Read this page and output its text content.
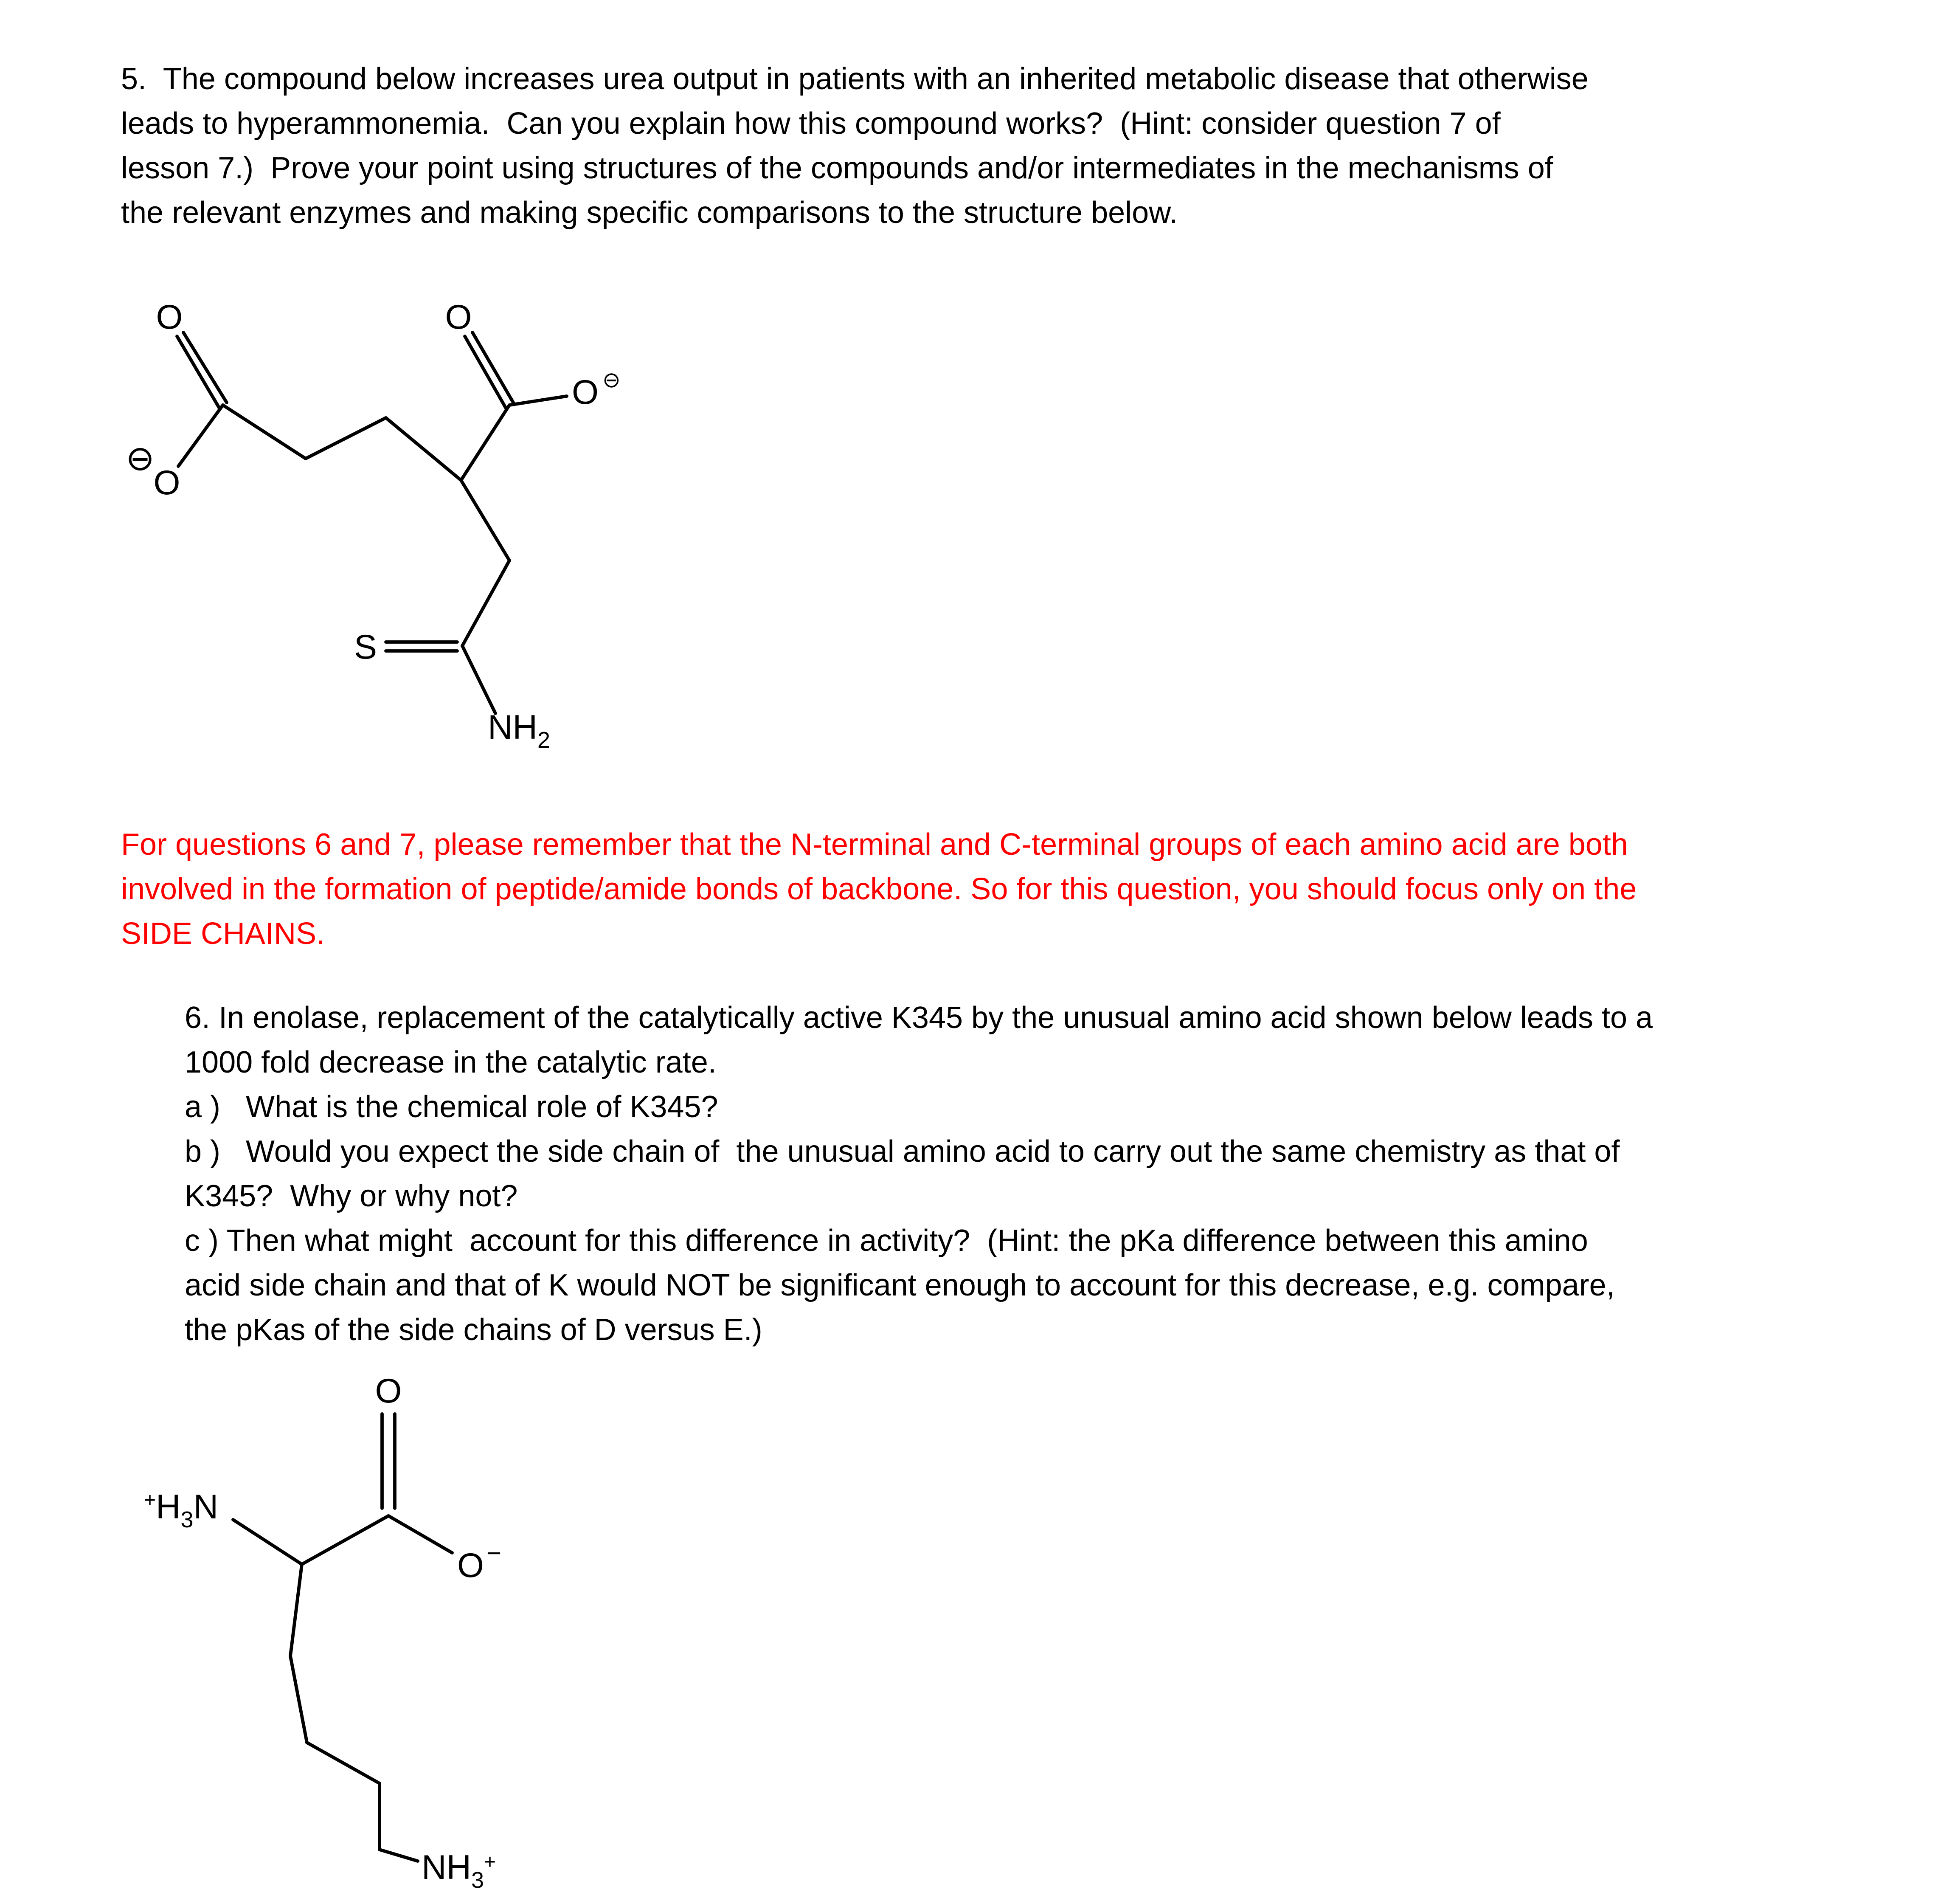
5.  The compound below increases urea output in patients with an inherited metabolic disease that otherwise
leads to hyperammonemia.  Can you explain how this compound works?  (Hint: consider question 7 of
lesson 7.)  Prove your point using structures of the compounds and/or intermediates in the mechanisms of
the relevant enzymes and making specific comparisons to the structure below.
O
⊖
O
O
O ⊖
S
$NH_2$
For questions 6 and 7, please remember that the N-terminal and C-terminal groups of each amino acid are both
involved in the formation of peptide/amide bonds of backbone. So for this question, you should focus only on the
SIDE CHAINS.
6. In enolase, replacement of the catalytically active K345 by the unusual amino acid shown below leads to a
1000 fold decrease in the catalytic rate.
a )   What is the chemical role of K345?
b )   Would you expect the side chain of  the unusual amino acid to carry out the same chemistry as that of
K345?  Why or why not?
c ) Then what might  account for this difference in activity?  (Hint: the pKa difference between this amino
acid side chain and that of K would NOT be significant enough to account for this decrease, e.g. compare,
the pKas of the side chains of D versus E.)
O
O −
$^+H_3N$
$NH_3^+$
